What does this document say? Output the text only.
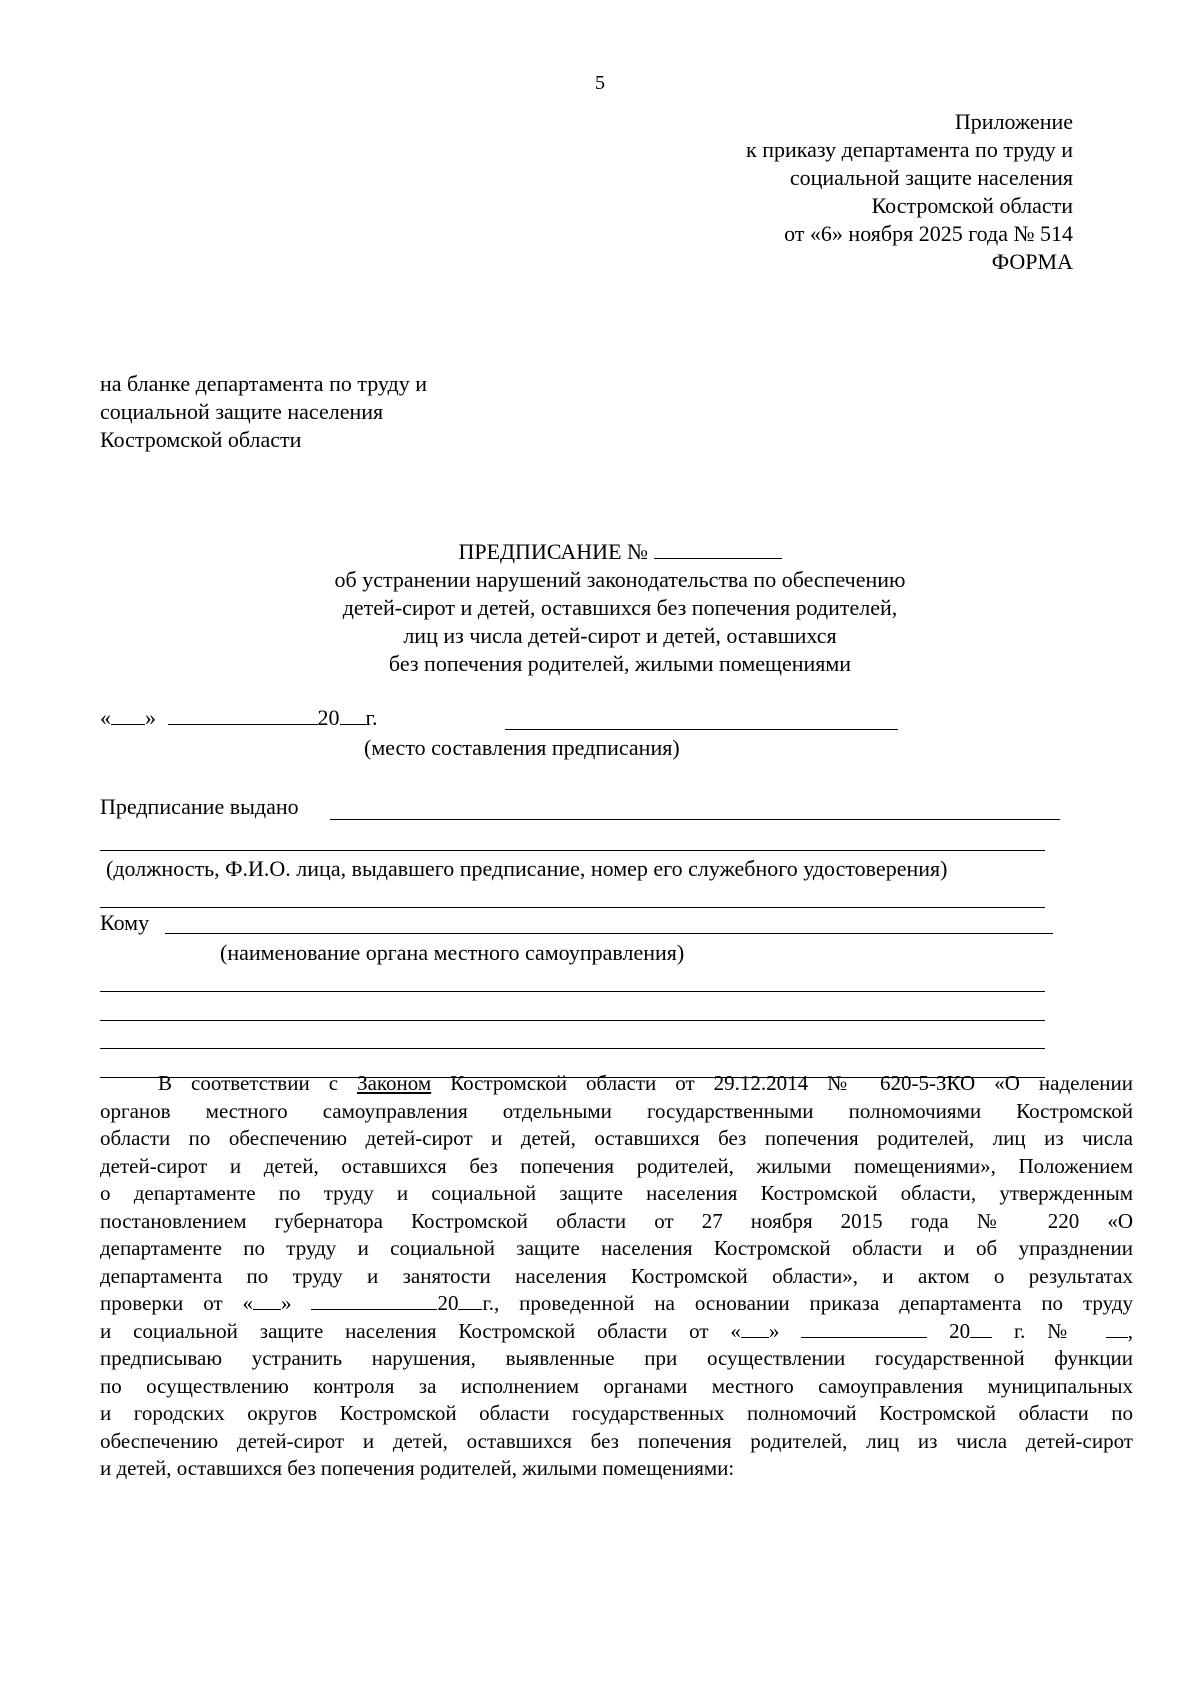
5
Приложение
к приказу департамента по труду и
социальной защите населения
Костромской области
от «6» ноября 2025 года № 514
ФОРМА
на бланке департамента по труду и
социальной защите населения
Костромской области
ПРЕДПИСАНИЕ №
об устранении нарушений законодательства по обеспечению
детей-сирот и детей, оставшихся без попечения родителей,
лиц из числа детей-сирот и детей, оставшихся
без попечения родителей, жилыми помещениями
« »	20 г.
(место составления предписания)
Предписание выдано
(должность, Ф.И.О. лица, выдавшего предписание, номер его служебного удостоверения)
Кому
(наименование органа местного самоуправления)
В соответствии с Законом Костромской области от 29.12.2014 № 620-5-ЗКО «О наделении
органов местного самоуправления отдельными государственными полномочиями Костромской
области по обеспечению детей-сирот и детей, оставшихся без попечения родителей, лиц из числа
детей-сирот и детей, оставшихся без попечения родителей, жилыми помещениями», Положением
о департаменте по труду и социальной защите населения Костромской области, утвержденным
постановлением губернатора Костромской области от 27 ноября 2015 года № 220 «О
департаменте по труду и социальной защите населения Костромской области и об упразднении
департамента по труду и занятости населения Костромской области», и актом о результатах
проверки от « »	20 г., проведенной на основании приказа департамента по труду
и социальной защите населения Костромской области от « »	20 г. № ,
предписываю устранить нарушения, выявленные при осуществлении государственной функции
по осуществлению контроля за исполнением органами местного самоуправления муниципальных
и городских округов Костромской области государственных полномочий Костромской области по
обеспечению детей-сирот и детей, оставшихся без попечения родителей, лиц из числа детей-сирот
и детей, оставшихся без попечения родителей, жилыми помещениями:
